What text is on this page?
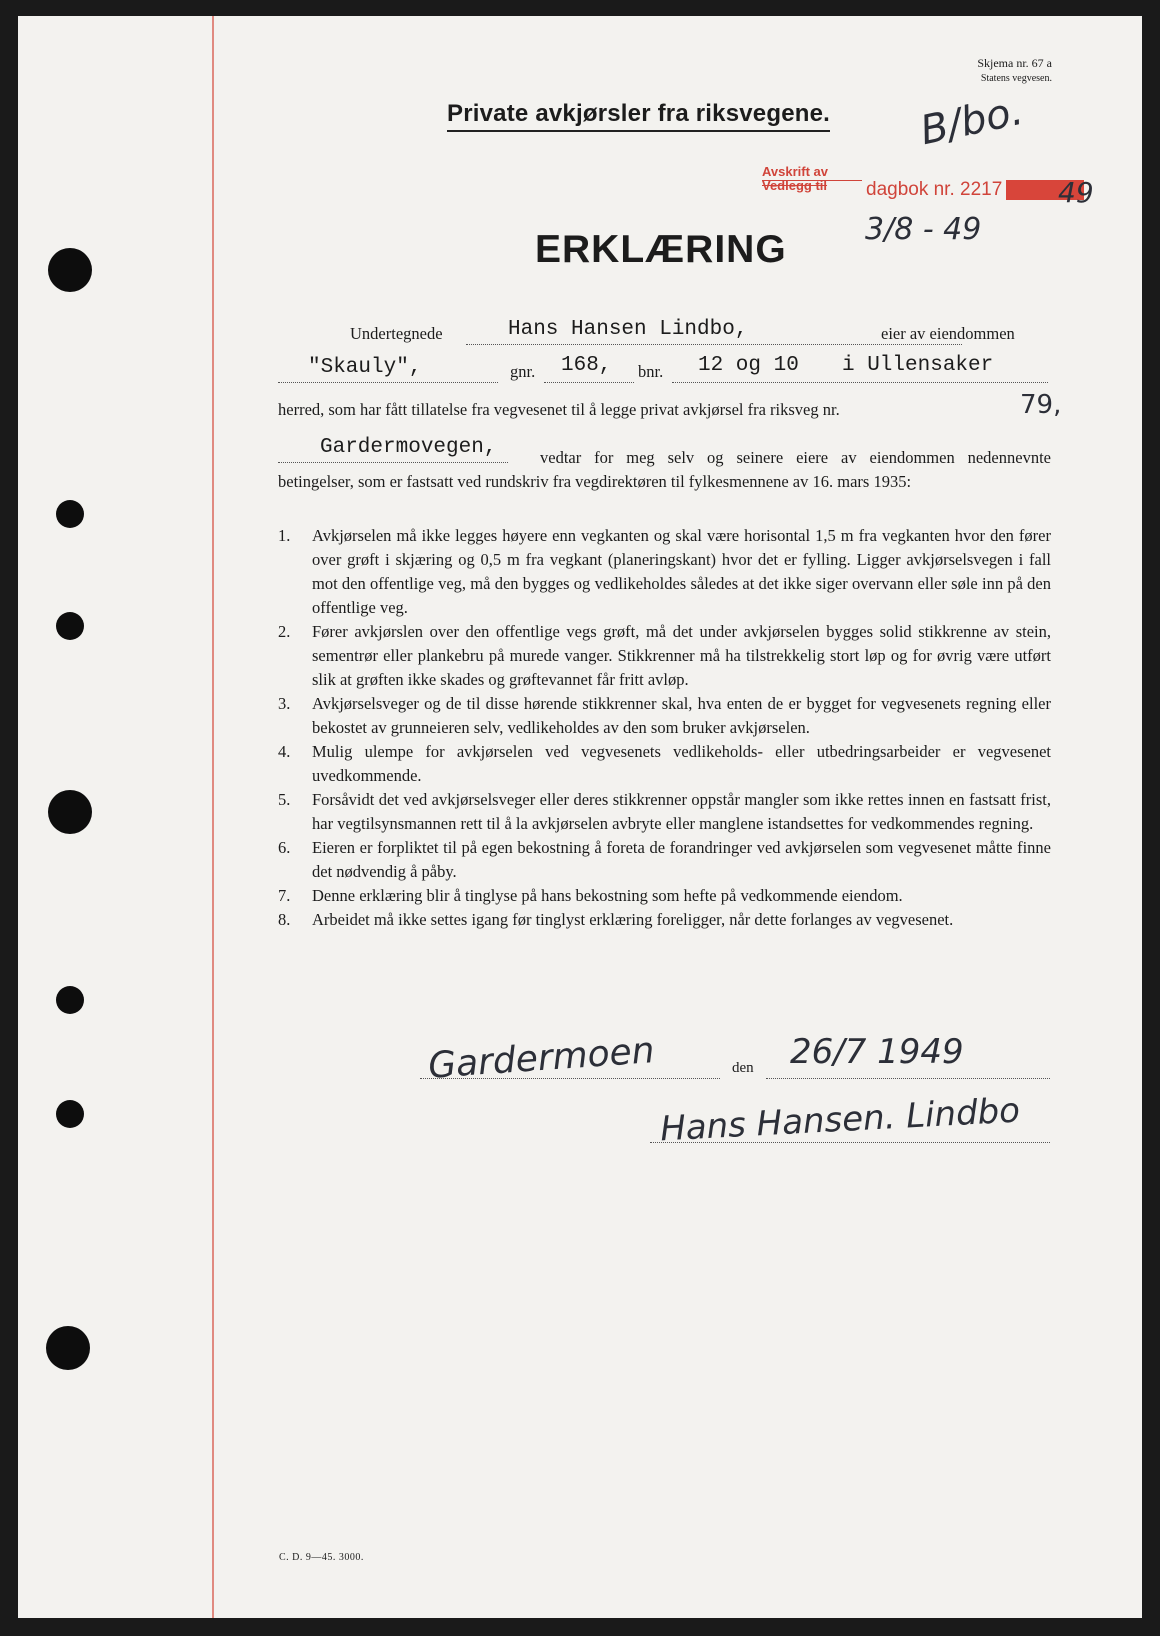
Skjema nr. 67 a
Statens vegvesen.
Private avkjørsler fra riksvegene. B/bo.
Avskrift av
Vedlegg til dagbok nr. 2217	49
3/8 - 49
ERKLÆRING
Undertegnede	Hans Hansen Lindbo,	eier av eiendommen
"Skauly",	gnr. 168, bnr. 12 og 10 i Ullensaker
herred, som har fått tillatelse fra vegvesenet til å legge privat avkjørsel fra riksveg nr.	79,
Gardermovegen,	vedtar for meg selv og seinere eiere av eiendommen nedennevnte betingelser, som er fastsatt ved rundskriv fra vegdirektøren til fylkesmennene av 16. mars 1935:
1. Avkjørselen må ikke legges høyere enn vegkanten og skal være horisontal 1,5 m fra vegkanten hvor den fører over grøft i skjæring og 0,5 m fra vegkant (planeringskant) hvor det er fylling. Ligger avkjørselsvegen i fall mot den offentlige veg, må den bygges og vedlikeholdes således at det ikke siger overvann eller søle inn på den offentlige veg.
2. Fører avkjørslen over den offentlige vegs grøft, må det under avkjørselen bygges solid stikkrenne av stein, sementrør eller plankebru på murede vanger. Stikkrenner må ha tilstrekkelig stort løp og for øvrig være utført slik at grøften ikke skades og grøftevannet får fritt avløp.
3. Avkjørselsveger og de til disse hørende stikkrenner skal, hva enten de er bygget for vegvesenets regning eller bekostet av grunneieren selv, vedlikeholdes av den som bruker avkjørselen.
4. Mulig ulempe for avkjørselen ved vegvesenets vedlikeholds- eller utbedringsarbeider er vegvesenet uvedkommende.
5. Forsåvidt det ved avkjørselsveger eller deres stikkrenner oppstår mangler som ikke rettes innen en fastsatt frist, har vegtilsynsmannen rett til å la avkjørselen avbryte eller manglene istandsettes for vedkommendes regning.
6. Eieren er forpliktet til på egen bekostning å foreta de forandringer ved avkjørselen som vegvesenet måtte finne det nødvendig å påby.
7. Denne erklæring blir å tinglyse på hans bekostning som hefte på vedkommende eiendom.
8. Arbeidet må ikke settes igang før tinglyst erklæring foreligger, når dette forlanges av vegvesenet.
Gardermoen	den 26/7 1949
Hans Hansen. Lindbo
C. D. 9—45. 3000.
